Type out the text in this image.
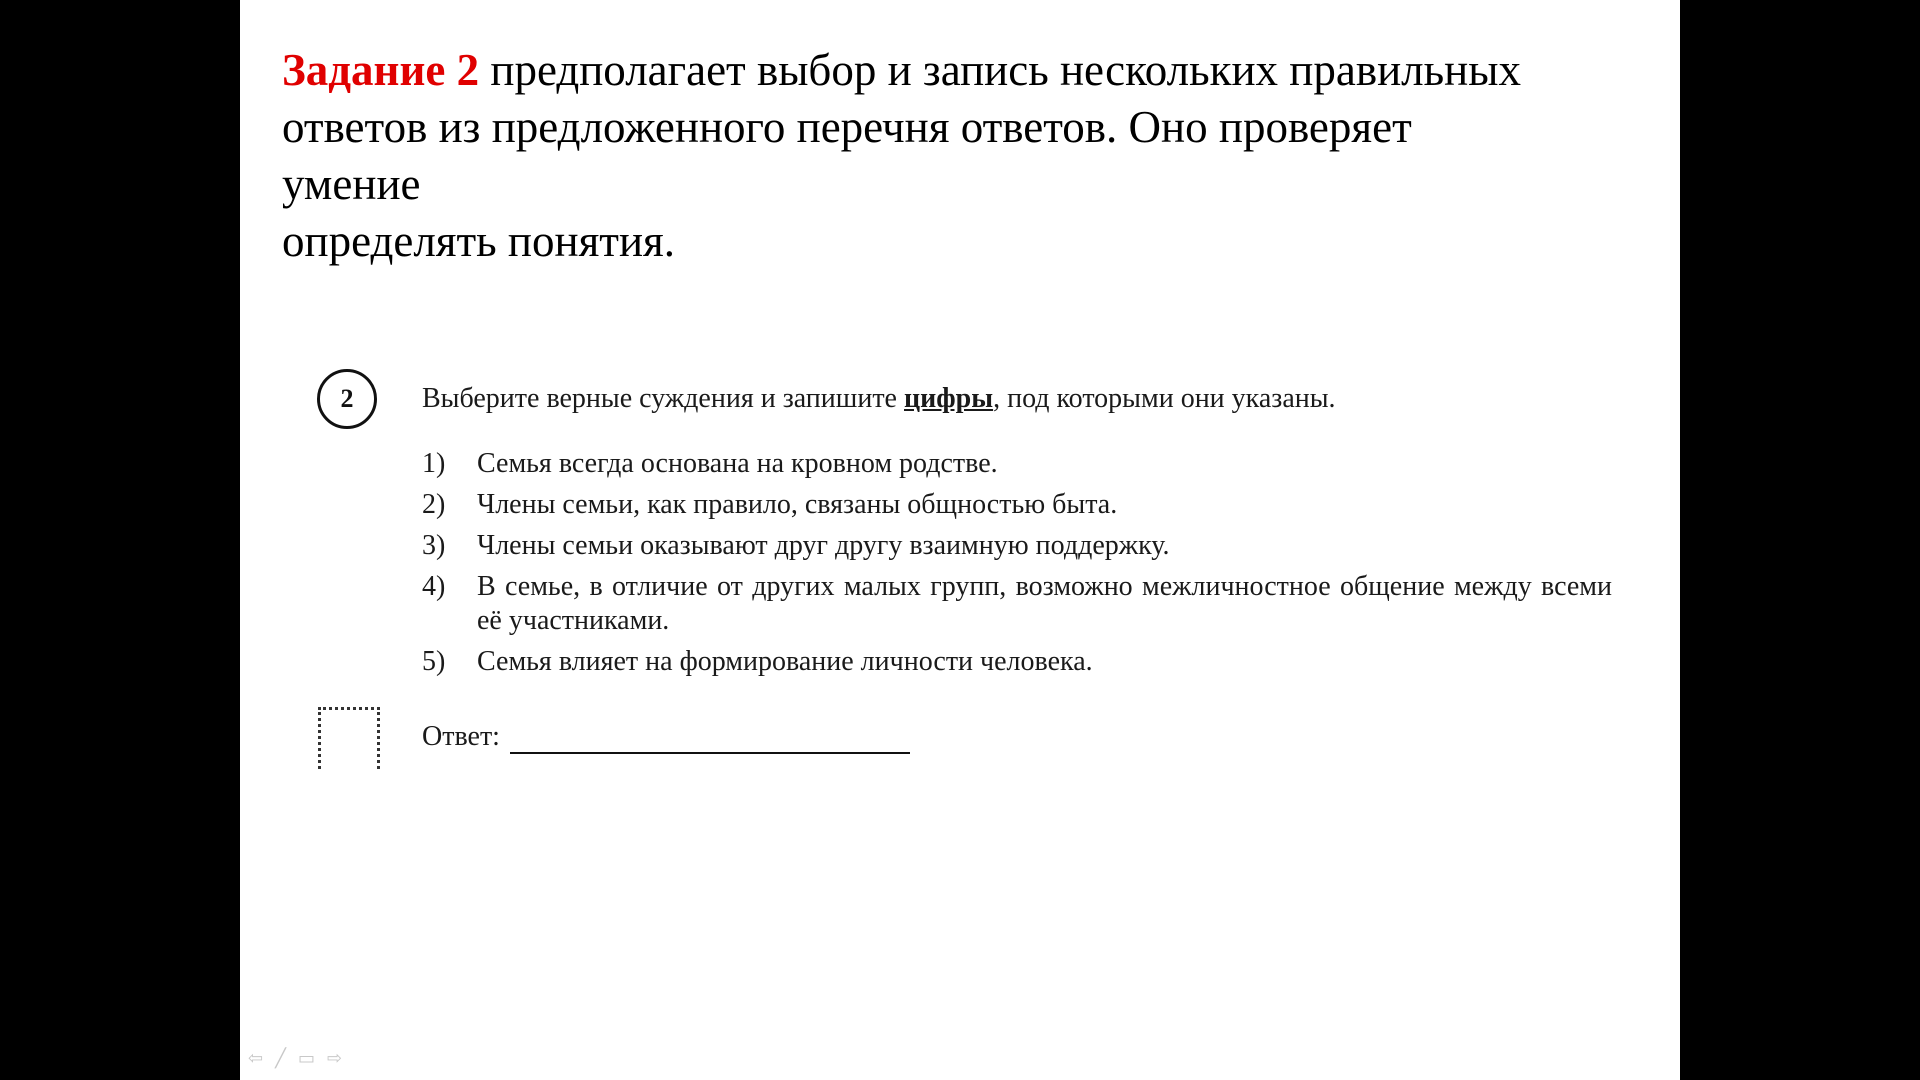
Задание 2 предполагает выбор и запись нескольких правильных
ответов из предложенного перечня ответов. Оно проверяет
умение
определять понятия.
2	Выберите верные суждения и запишите цифры, под которыми они указаны.
1)	Семья всегда основана на кровном родстве.
2)	Члены семьи, как правило, связаны общностью быта.
3)	Члены семьи оказывают друг другу взаимную поддержку.
4)	В семье, в отличие от других малых групп, возможно межличностное общение между всеми её участниками.
5)	Семья влияет на формирование личности человека.
Ответ:
⇦ ╱ ▭ ⇨
